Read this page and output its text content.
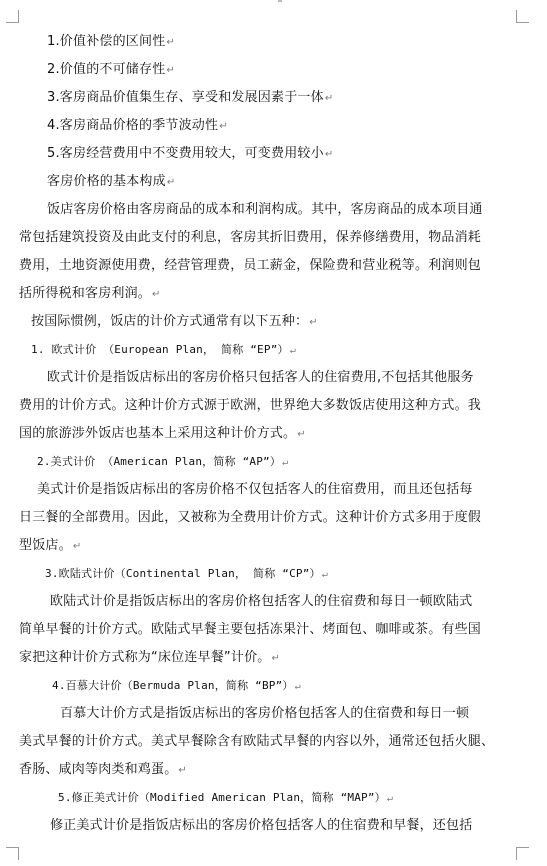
1.价值补偿的区间性↵
2.价值的不可储存性↵
3.客房商品价值集生存、享受和发展因素于一体↵
4.客房商品价格的季节波动性↵
5.客房经营费用中不变费用较大，可变费用较小↵
客房价格的基本构成↵
饭店客房价格由客房商品的成本和利润构成。其中，客房商品的成本项目通
常包括建筑投资及由此支付的利息，客房其折旧费用，保养修缮费用，物品消耗
费用，土地资源使用费，经营管理费，员工薪金，保险费和营业税等。利润则包
括所得税和客房利润。↵
按国际惯例，饭店的计价方式通常有以下五种：↵
1. 欧式计价 （European Plan， 简称 “EP”）↵
欧式计价是指饭店标出的客房价格只包括客人的住宿费用,不包括其他服务
费用的计价方式。这种计价方式源于欧洲，世界绝大多数饭店使用这种方式。我
国的旅游涉外饭店也基本上采用这种计价方式。↵
2.美式计价 （American Plan，简称 “AP”）↵
美式计价是指饭店标出的客房价格不仅包括客人的住宿费用，而且还包括每
日三餐的全部费用。因此，又被称为全费用计价方式。这种计价方式多用于度假
型饭店。↵
3.欧陆式计价（Continental Plan， 简称 “CP”）↵
欧陆式计价是指饭店标出的客房价格包括客人的住宿费和每日一顿欧陆式
简单早餐的计价方式。欧陆式早餐主要包括冻果汁、烤面包、咖啡或茶。有些国
家把这种计价方式称为“床位连早餐”计价。↵
4.百慕大计价（Bermuda Plan，简称 “BP”）↵
百慕大计价方式是指饭店标出的客房价格包括客人的住宿费和每日一顿
美式早餐的计价方式。美式早餐除含有欧陆式早餐的内容以外，通常还包括火腿、
香肠、咸肉等肉类和鸡蛋。↵
5.修正美式计价（Modified American Plan，简称 “MAP”）↵
修正美式计价是指饭店标出的客房价格包括客人的住宿费和早餐，还包括
